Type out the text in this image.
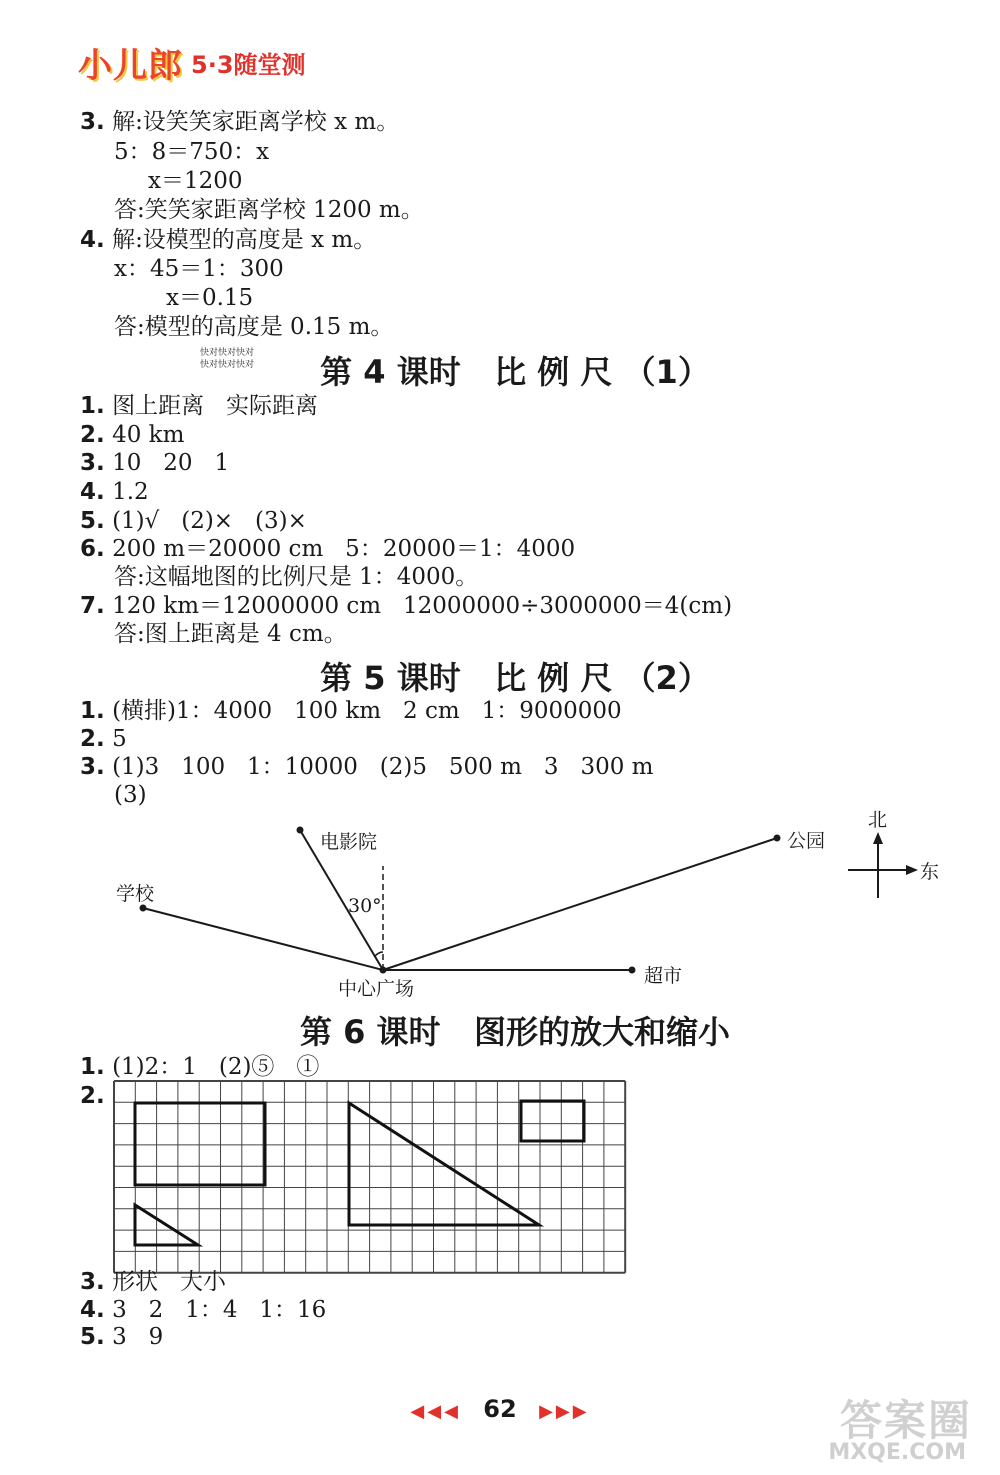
小儿郎 5·3随堂测
3. 解:设笑笑家距离学校 x m。
5：8＝750：x
x＝1200
答:笑笑家距离学校 1200 m。
4. 解:设模型的高度是 x m。
x：45＝1：300
x＝0.15
答:模型的高度是 0.15 m。
快对快对快对
快对快对快对	第 4 课时   比 例 尺 （1）
1. 图上距离   实际距离
2. 40 km
3. 10   20   1
4. 1.2
5. (1)√   (2)×   (3)×
6. 200 m＝20000 cm   5：20000＝1：4000
答:这幅地图的比例尺是 1：4000。
7. 120 km＝12000000 cm   12000000÷3000000＝4(cm)
答:图上距离是 4 cm。
第 5 课时   比 例 尺 （2）
1. (横排)1：4000   100 km   2 cm   1：9000000
2. 5
3. (1)3   100   1：10000   (2)5   500 m   3   300 m
(3)
电影院
学校
公园
超市
中心广场
30°
北
东
第 6 课时   图形的放大和缩小
1. (1)2：1   (2)⑤   ①
2.
3. 形状   大小
4. 3   2   1：4   1：16
5. 3   9
◀◀◀ 62 ▶▶▶	答案圈
MXQE.COM
